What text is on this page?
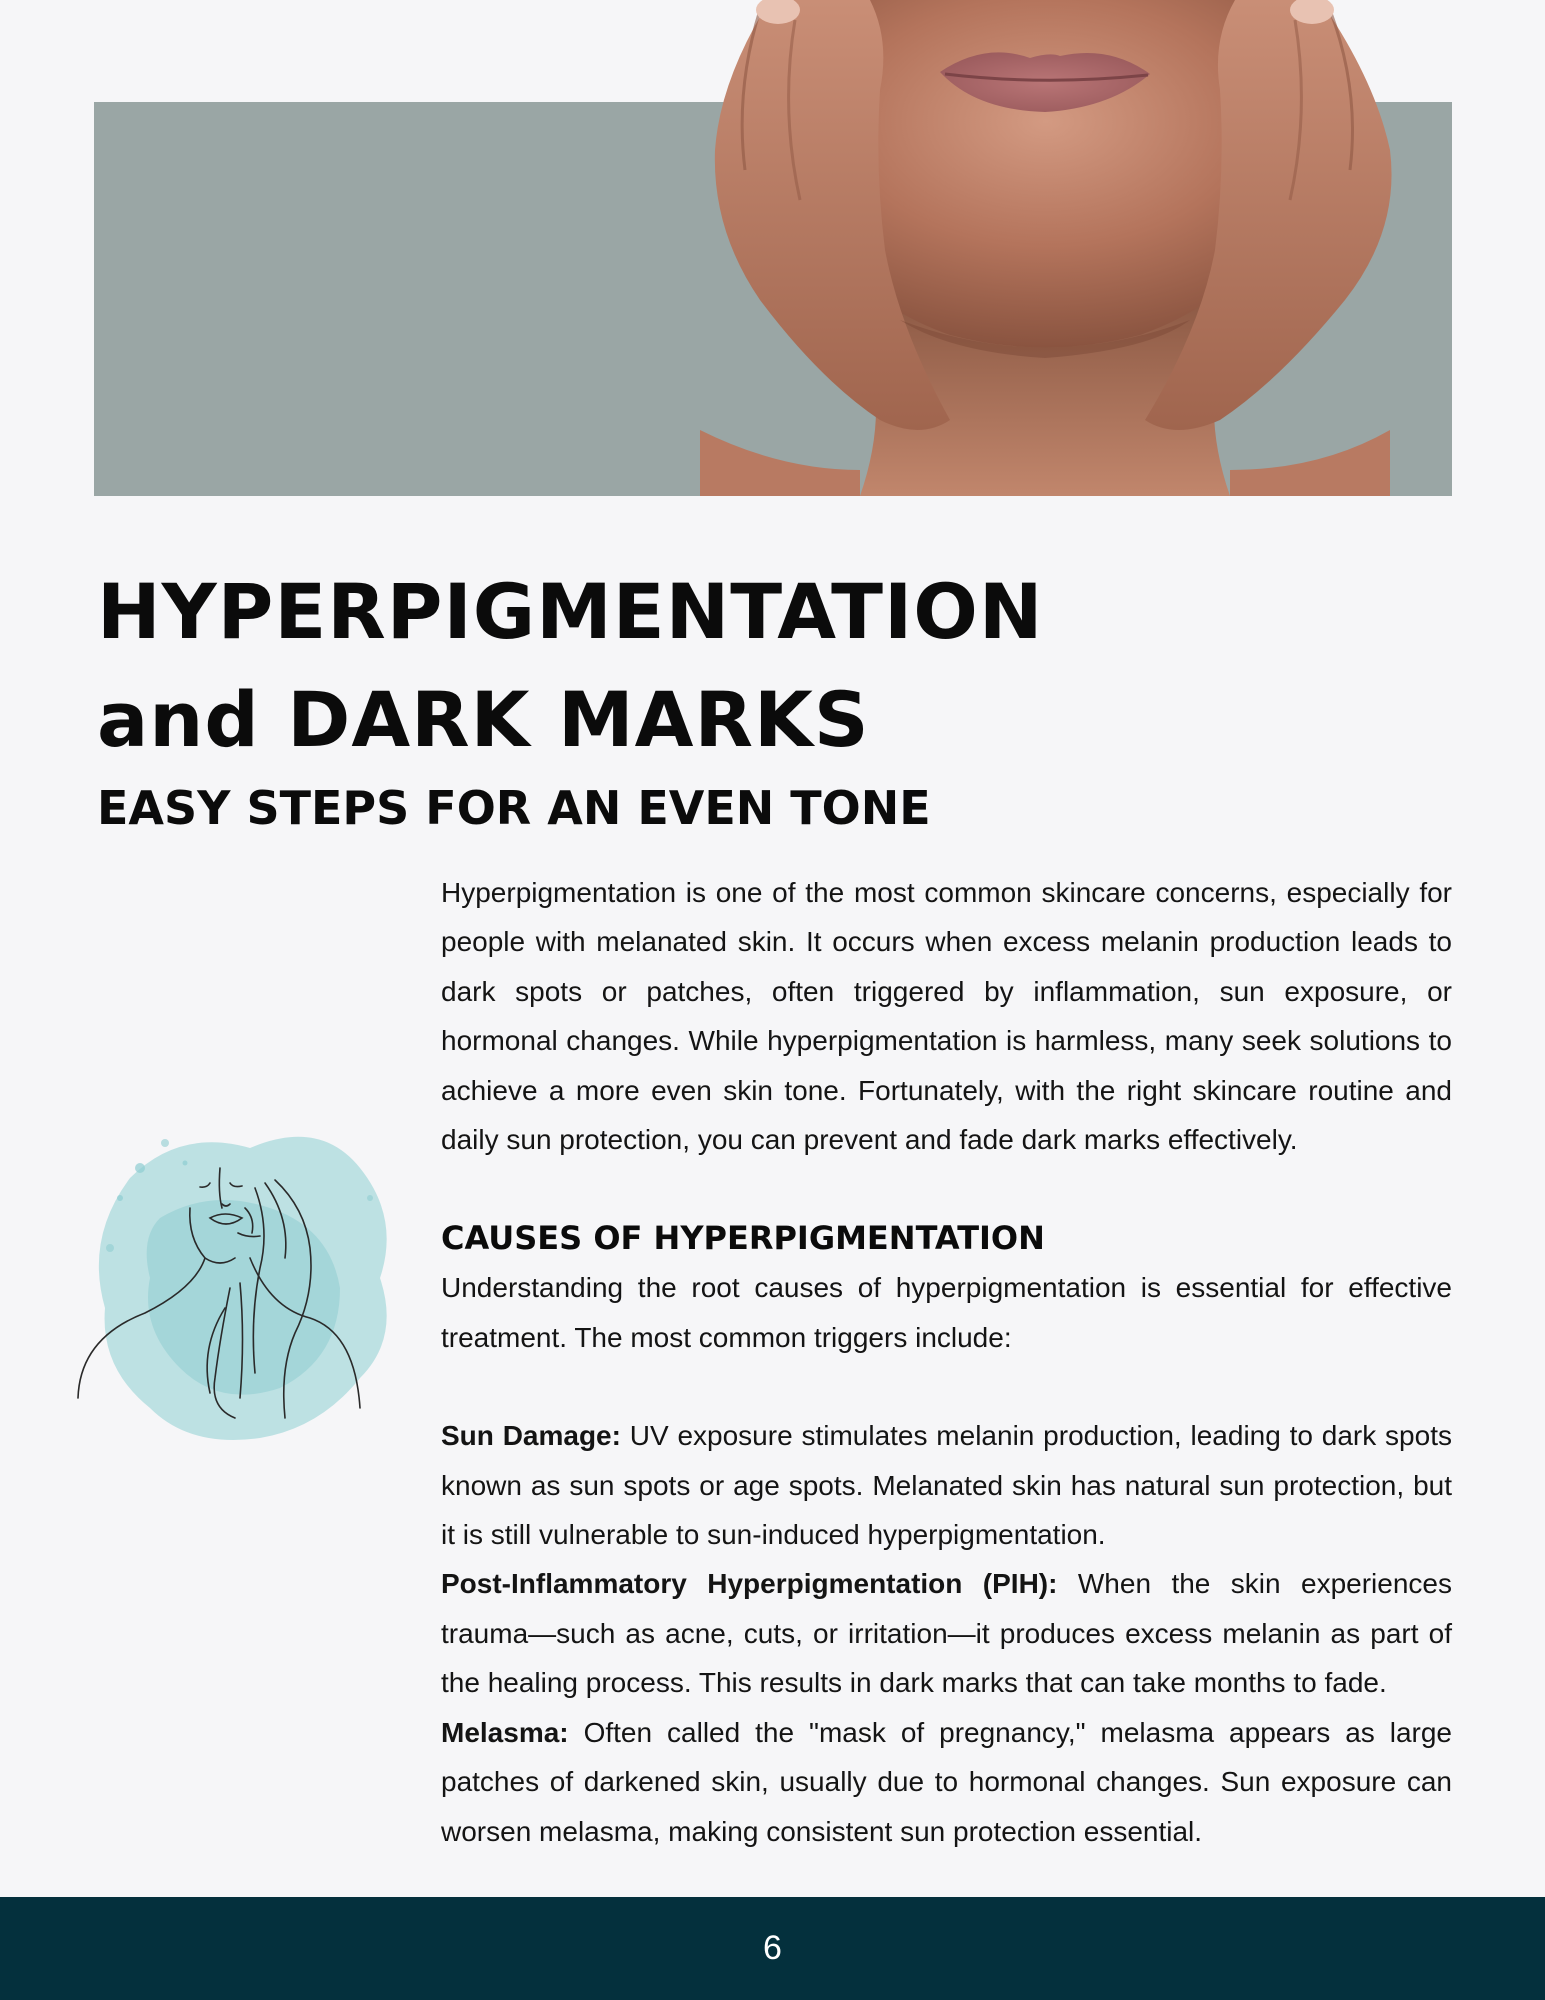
HYPERPIGMENTATION
and DARK MARKS
EASY STEPS FOR AN EVEN TONE

Hyperpigmentation is one of the most common skincare concerns, especially for people with melanated skin. It occurs when excess melanin production leads to dark spots or patches, often triggered by inflammation, sun exposure, or hormonal changes. While hyperpigmentation is harmless, many seek solutions to achieve a more even skin tone. Fortunately, with the right skincare routine and daily sun protection, you can prevent and fade dark marks effectively.

CAUSES OF HYPERPIGMENTATION

Understanding the root causes of hyperpigmentation is essential for effective treatment. The most common triggers include:

Sun Damage: UV exposure stimulates melanin production, leading to dark spots known as sun spots or age spots. Melanated skin has natural sun protection, but it is still vulnerable to sun-induced hyperpigmentation.

Post-Inflammatory Hyperpigmentation (PIH): When the skin experiences trauma—such as acne, cuts, or irritation—it produces excess melanin as part of the healing process. This results in dark marks that can take months to fade.

Melasma: Often called the "mask of pregnancy," melasma appears as large patches of darkened skin, usually due to hormonal changes. Sun exposure can worsen melasma, making consistent sun protection essential.

6
